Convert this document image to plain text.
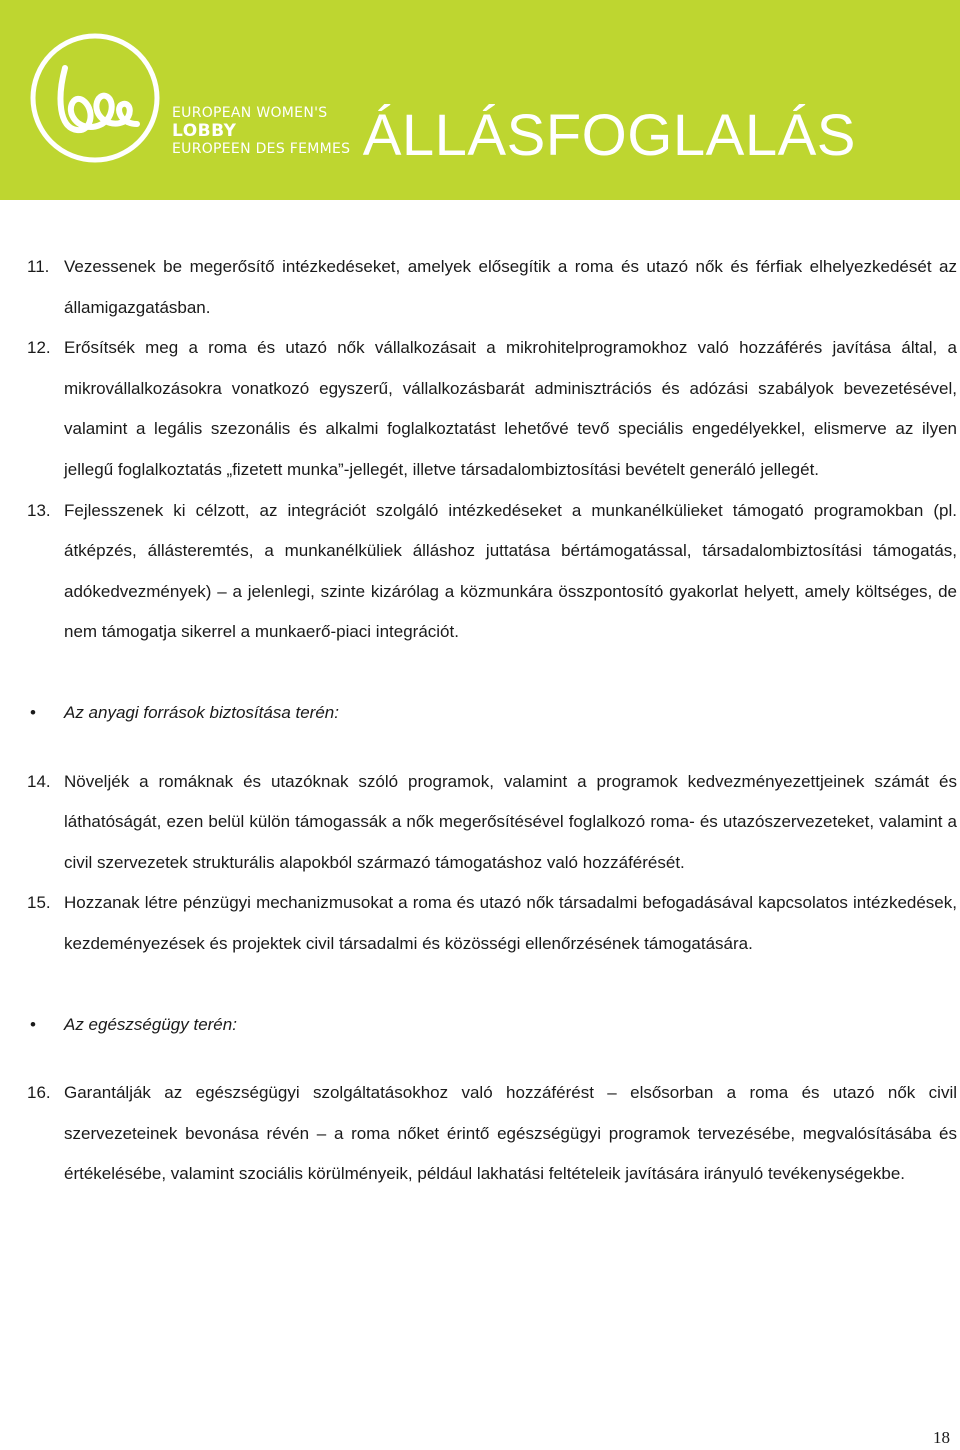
EUROPEAN WOMEN'S
LOBBY
EUROPEEN DES FEMMES ÁLLÁSFOGLALÁS
11. Vezessenek be megerősítő intézkedéseket, amelyek elősegítik a roma és utazó nők és férfiak elhelyezkedését az államigazgatásban.
12. Erősítsék meg a roma és utazó nők vállalkozásait a mikrohitelprogramokhoz való hozzáférés javítása által, a mikrovállalkozásokra vonatkozó egyszerű, vállalkozásbarát adminisztrációs és adózási szabályok bevezetésével, valamint a legális szezonális és alkalmi foglalkoztatást lehetővé tevő speciális engedélyekkel, elismerve az ilyen jellegű foglalkoztatás „fizetett munka”-jellegét, illetve társadalombiztosítási bevételt generáló jellegét.
13. Fejlesszenek ki célzott, az integrációt szolgáló intézkedéseket a munkanélkülieket támogató programokban (pl. átképzés, állásteremtés, a munkanélküliek álláshoz juttatása bértámogatással, társadalombiztosítási támogatás, adókedvezmények) – a jelenlegi, szinte kizárólag a közmunkára összpontosító gyakorlat helyett, amely költséges, de nem támogatja sikerrel a munkaerő-piaci integrációt.
•	Az anyagi források biztosítása terén:
14. Növeljék a romáknak és utazóknak szóló programok, valamint a programok kedvezményezettjeinek számát és láthatóságát, ezen belül külön támogassák a nők megerősítésével foglalkozó roma- és utazószervezeteket, valamint a civil szervezetek strukturális alapokból származó támogatáshoz való hozzáférését.
15. Hozzanak létre pénzügyi mechanizmusokat a roma és utazó nők társadalmi befogadásával kapcsolatos intézkedések, kezdeményezések és projektek civil társadalmi és közösségi ellenőrzésének támogatására.
•	Az egészségügy terén:
16. Garantálják az egészségügyi szolgáltatásokhoz való hozzáférést – elsősorban a roma és utazó nők civil szervezeteinek bevonása révén – a roma nőket érintő egészségügyi programok tervezésébe, megvalósításába és értékelésébe, valamint szociális körülményeik, például lakhatási feltételeik javítására irányuló tevékenységekbe.
18
